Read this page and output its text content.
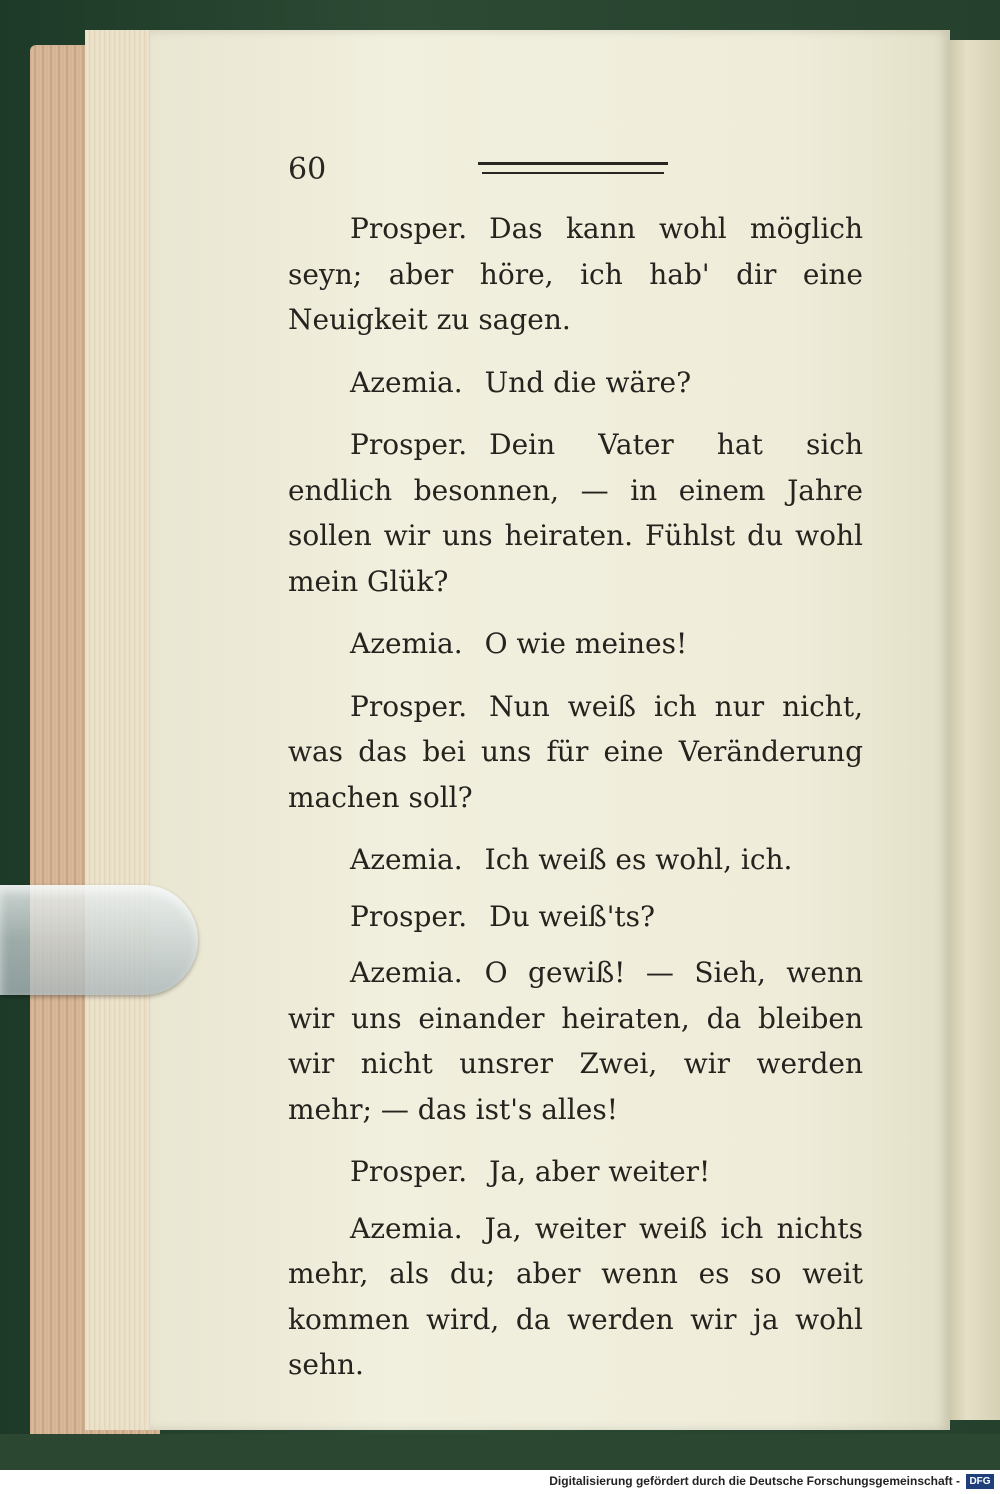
60

Prosper. Das kann wohl möglich seyn; aber höre, ich hab' dir eine Neuigkeit zu sagen.

Azemia. Und die wäre?

Prosper. Dein Vater hat sich endlich besonnen, — in einem Jahre sollen wir uns heiraten. Fühlst du wohl mein Glük?

Azemia. O wie meines!

Prosper. Nun weiß ich nur nicht, was das bei uns für eine Veränderung machen soll?

Azemia. Ich weiß es wohl, ich.

Prosper. Du weiß'ts?

Azemia. O gewiß! — Sieh, wenn wir uns einander heiraten, da bleiben wir nicht unsrer Zwei, wir werden mehr; — das ist's alles!

Prosper. Ja, aber weiter!

Azemia. Ja, weiter weiß ich nichts mehr, als du; aber wenn es so weit kommen wird, da werden wir ja wohl sehn.

Digitalisierung gefördert durch die Deutsche Forschungsgemeinschaft - DFG
